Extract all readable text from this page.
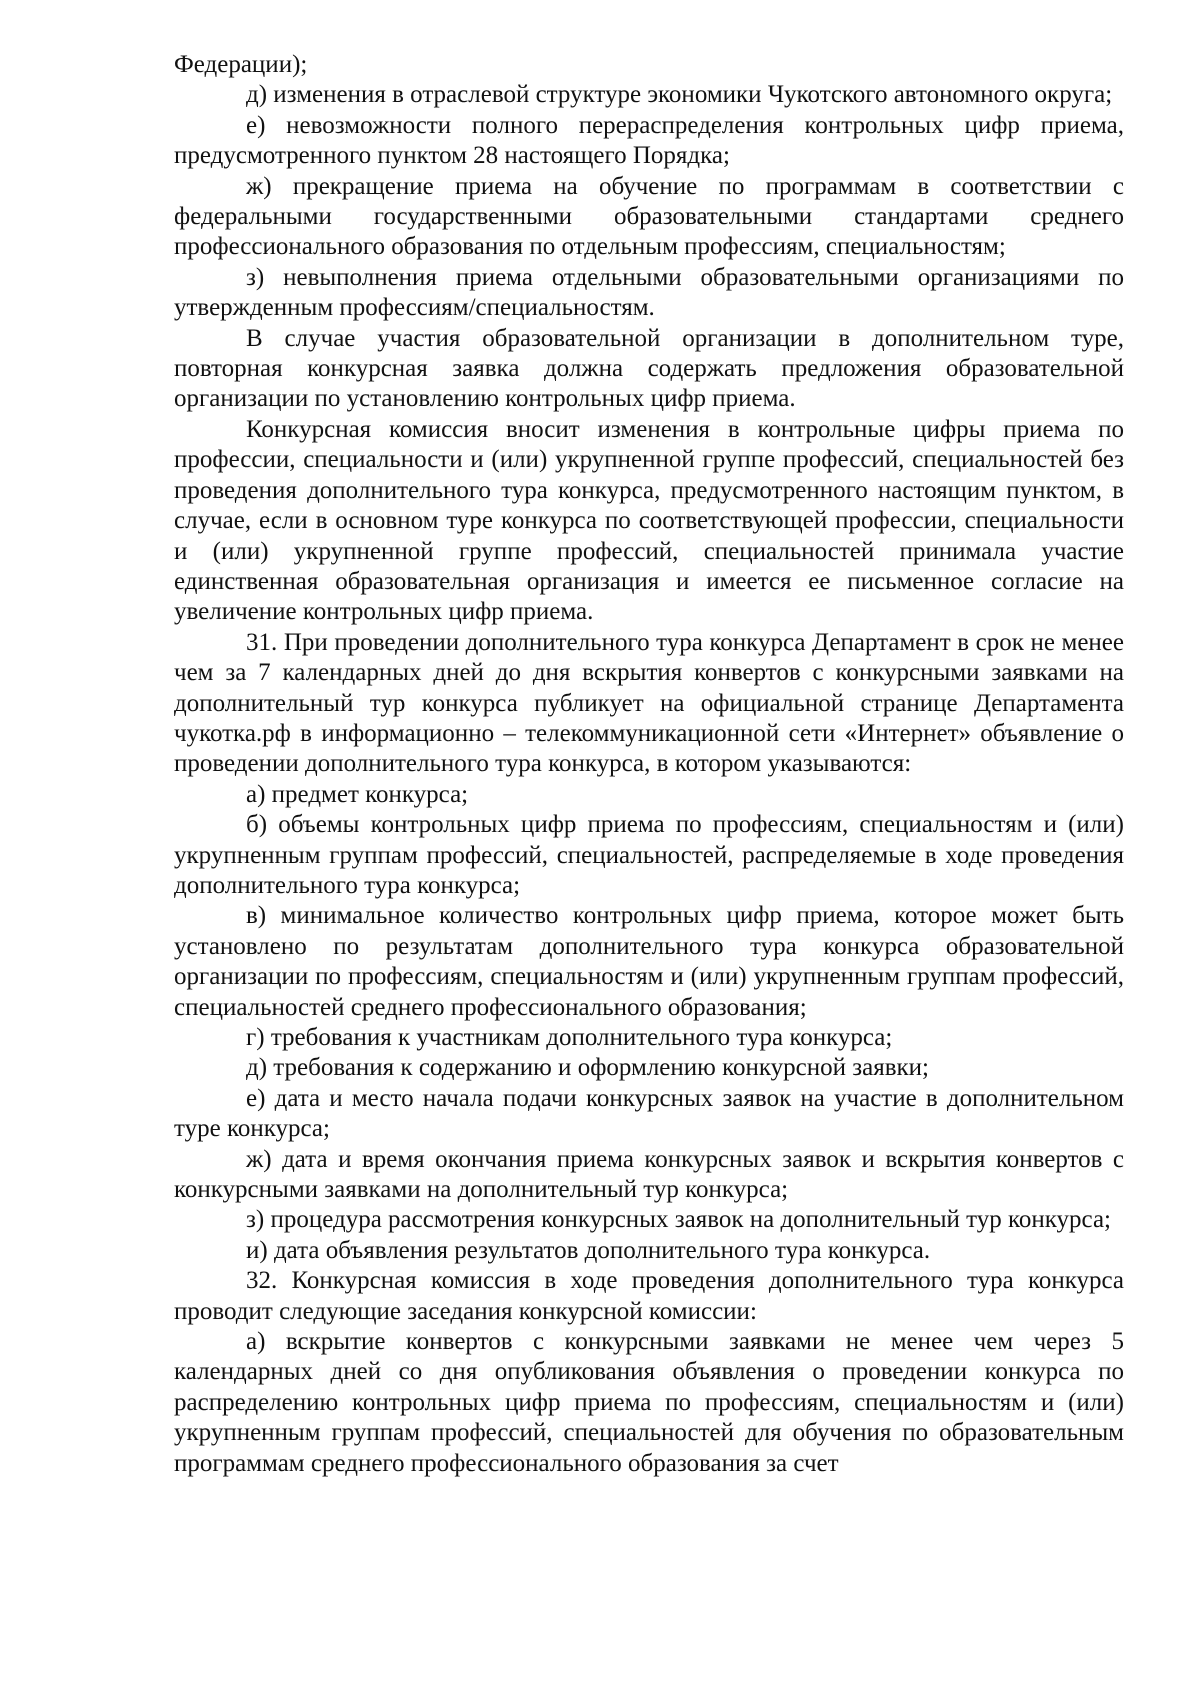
Федерации);

д) изменения в отраслевой структуре экономики Чукотского автономного округа;

е) невозможности полного перераспределения контрольных цифр приема, предусмотренного пунктом 28 настоящего Порядка;

ж) прекращение приема на обучение по программам в соответствии с федеральными государственными образовательными стандартами среднего профессионального образования по отдельным профессиям, специальностям;

з) невыполнения приема отдельными образовательными организациями по утвержденным профессиям/специальностям.

В случае участия образовательной организации в дополнительном туре, повторная конкурсная заявка должна содержать предложения образовательной организации по установлению контрольных цифр приема.

Конкурсная комиссия вносит изменения в контрольные цифры приема по профессии, специальности и (или) укрупненной группе профессий, специальностей без проведения дополнительного тура конкурса, предусмотренного настоящим пунктом, в случае, если в основном туре конкурса по соответствующей профессии, специальности и (или) укрупненной группе профессий, специальностей принимала участие единственная образовательная организация и имеется ее письменное согласие на увеличение контрольных цифр приема.

31. При проведении дополнительного тура конкурса Департамент в срок не менее чем за 7 календарных дней до дня вскрытия конвертов с конкурсными заявками на дополнительный тур конкурса публикует на официальной странице Департамента чукотка.рф в информационно – телекоммуникационной сети «Интернет» объявление о проведении дополнительного тура конкурса, в котором указываются:

а) предмет конкурса;

б) объемы контрольных цифр приема по профессиям, специальностям и (или) укрупненным группам профессий, специальностей, распределяемые в ходе проведения дополнительного тура конкурса;

в) минимальное количество контрольных цифр приема, которое может быть установлено по результатам дополнительного тура конкурса образовательной организации по профессиям, специальностям и (или) укрупненным группам профессий, специальностей среднего профессионального образования;

г) требования к участникам дополнительного тура конкурса;

д) требования к содержанию и оформлению конкурсной заявки;

е) дата и место начала подачи конкурсных заявок на участие в дополнительном туре конкурса;

ж) дата и время окончания приема конкурсных заявок и вскрытия конвертов с конкурсными заявками на дополнительный тур конкурса;

з) процедура рассмотрения конкурсных заявок на дополнительный тур конкурса;

и) дата объявления результатов дополнительного тура конкурса.

32. Конкурсная комиссия в ходе проведения дополнительного тура конкурса проводит следующие заседания конкурсной комиссии:

а) вскрытие конвертов с конкурсными заявками не менее чем через 5 календарных дней со дня опубликования объявления о проведении конкурса по распределению контрольных цифр приема по профессиям, специальностям и (или) укрупненным группам профессий, специальностей для обучения по образовательным программам среднего профессионального образования за счет
